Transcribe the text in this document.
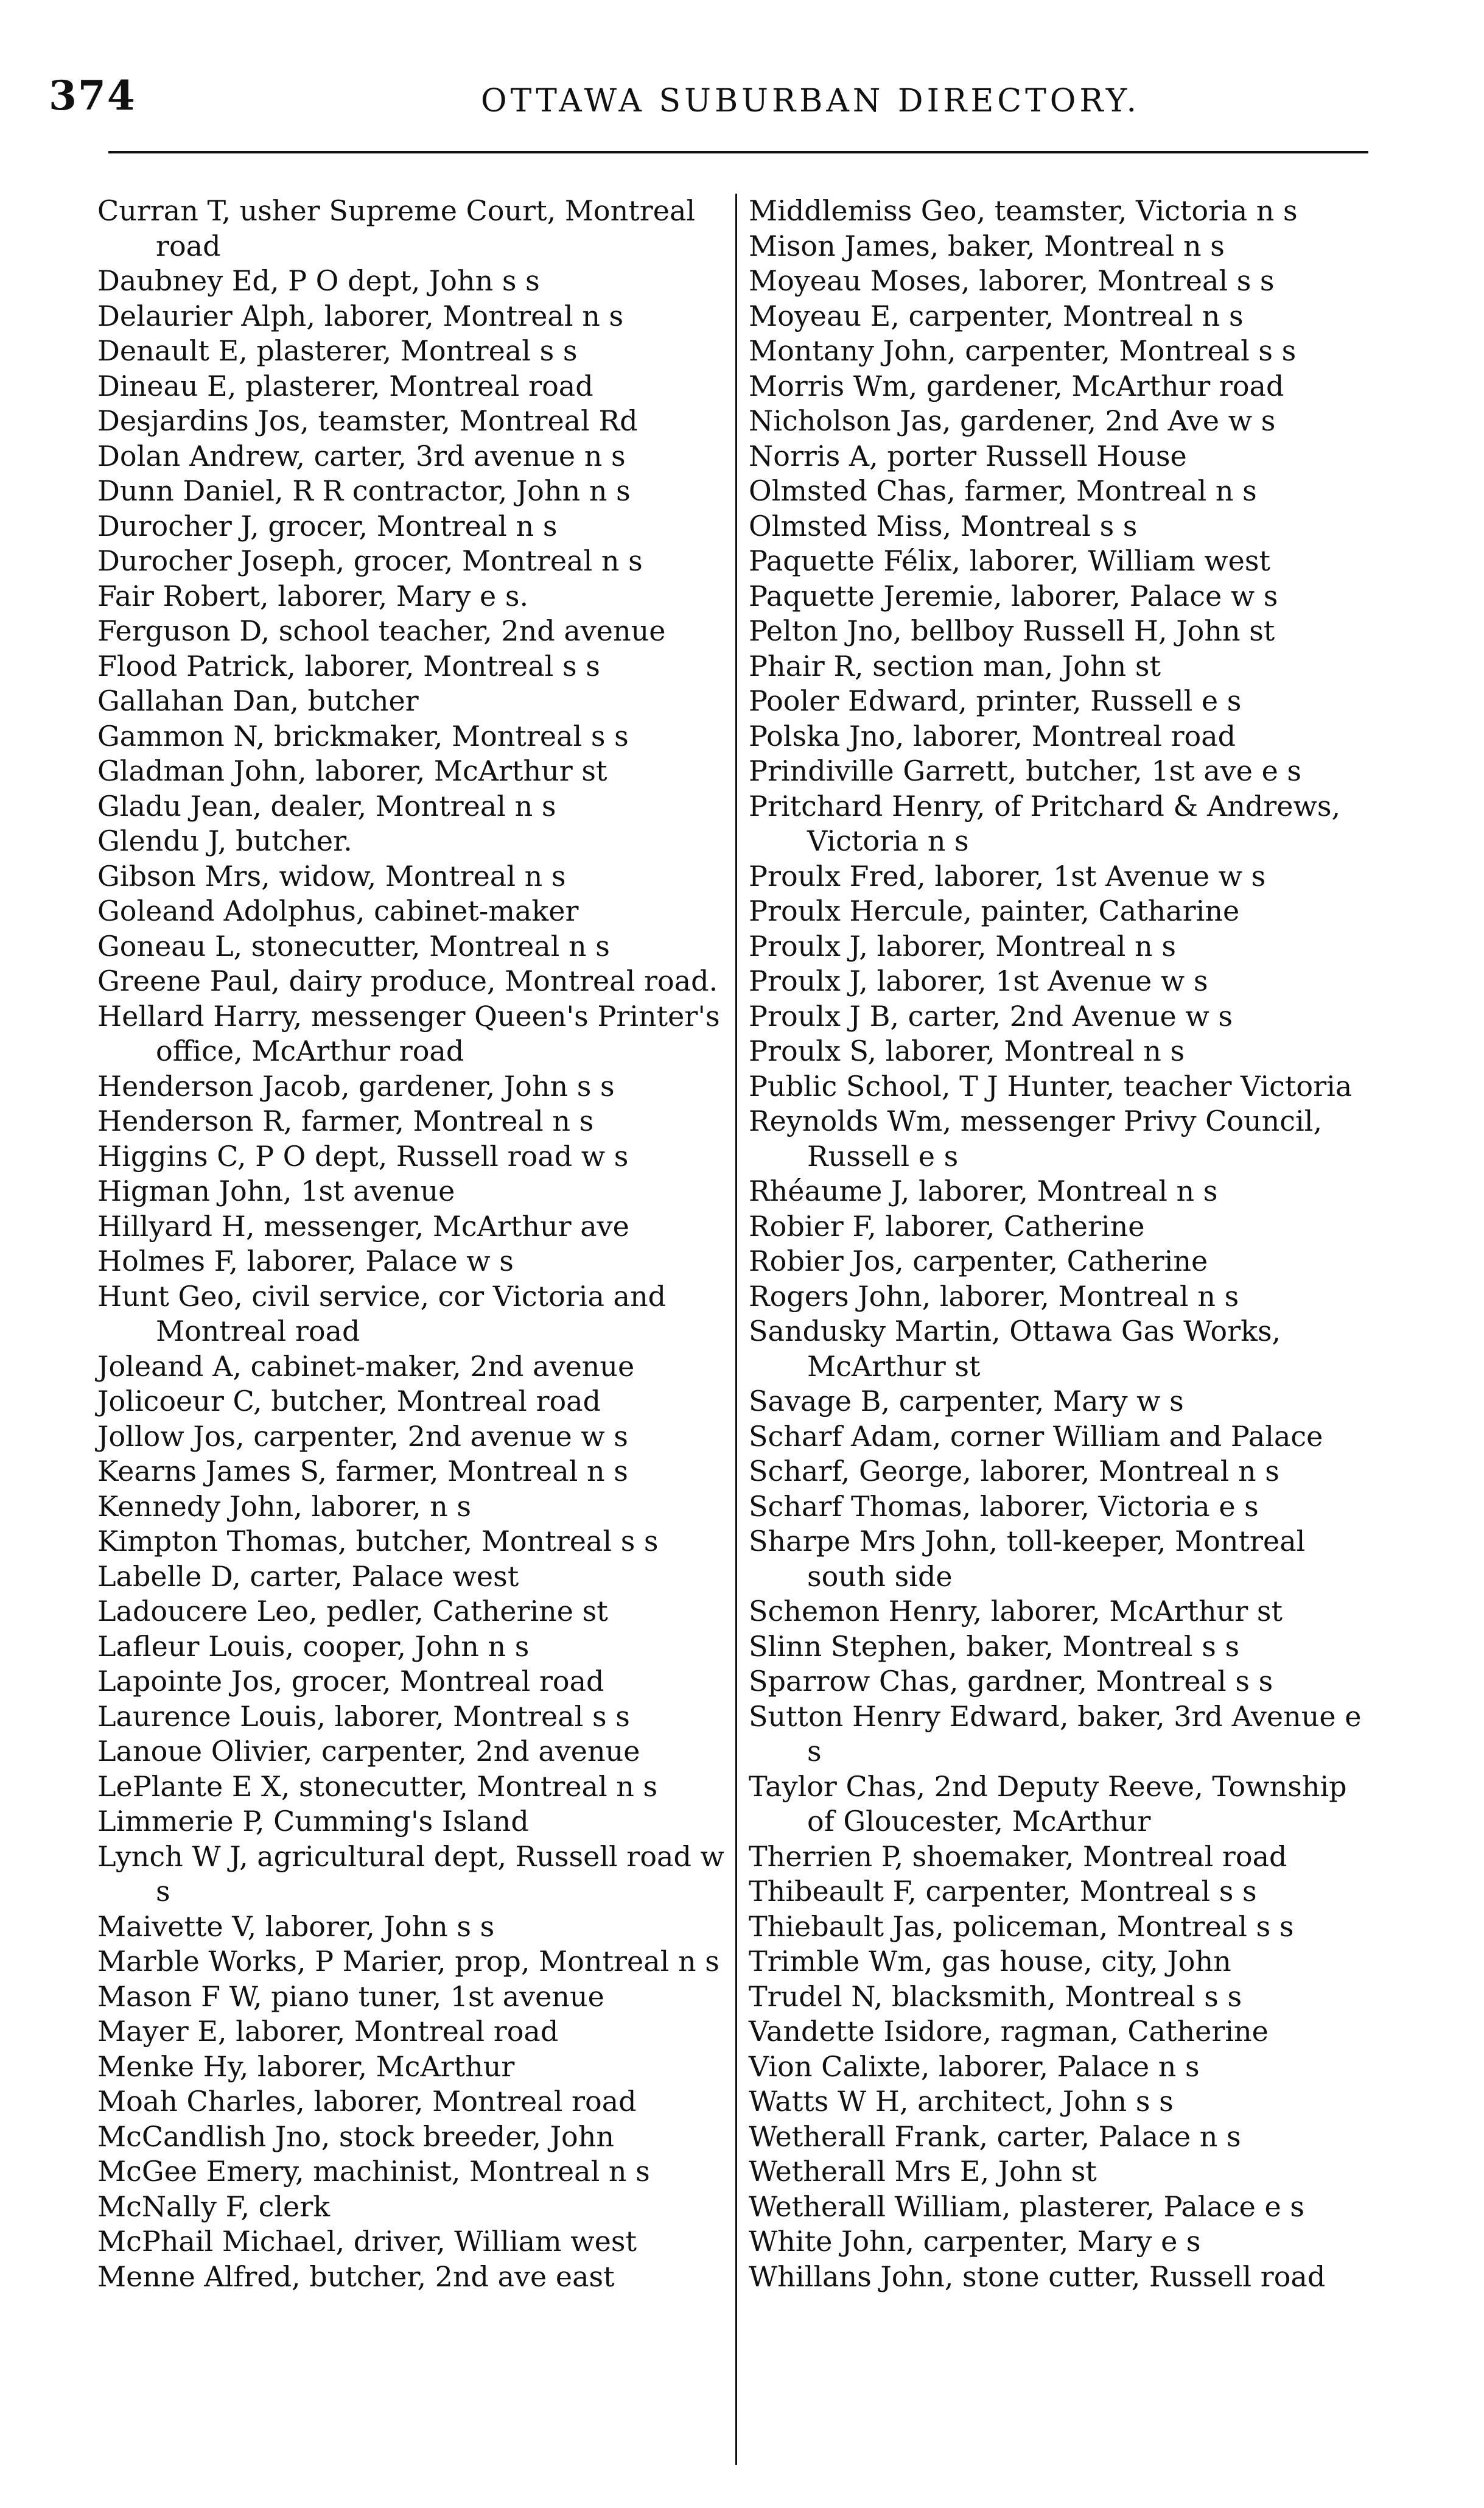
374	OTTAWA SUBURBAN DIRECTORY.
Curran T, usher Supreme Court, Montreal road
Daubney Ed, P O dept, John s s
Delaurier Alph, laborer, Montreal n s
Denault E, plasterer, Montreal s s
Dineau E, plasterer, Montreal road
Desjardins Jos, teamster, Montreal Rd
Dolan Andrew, carter, 3rd avenue n s
Dunn Daniel, R R contractor, John n s
Durocher J, grocer, Montreal n s
Durocher Joseph, grocer, Montreal n s
Fair Robert, laborer, Mary e s.
Ferguson D, school teacher, 2nd avenue
Flood Patrick, laborer, Montreal s s
Gallahan Dan, butcher
Gammon N, brickmaker, Montreal s s
Gladman John, laborer, McArthur st
Gladu Jean, dealer, Montreal n s
Glendu J, butcher.
Gibson Mrs, widow, Montreal n s
Goleand Adolphus, cabinet-maker
Goneau L, stonecutter, Montreal n s
Greene Paul, dairy produce, Montreal road.
Hellard Harry, messenger Queen's Printer's office, McArthur road
Henderson Jacob, gardener, John s s
Henderson R, farmer, Montreal n s
Higgins C, P O dept, Russell road w s
Higman John, 1st avenue
Hillyard H, messenger, McArthur ave
Holmes F, laborer, Palace w s
Hunt Geo, civil service, cor Victoria and Montreal road
Joleand A, cabinet-maker, 2nd avenue
Jolicoeur C, butcher, Montreal road
Jollow Jos, carpenter, 2nd avenue w s
Kearns James S, farmer, Montreal n s
Kennedy John, laborer, n s
Kimpton Thomas, butcher, Montreal s s
Labelle D, carter, Palace west
Ladoucere Leo, pedler, Catherine st
Lafleur Louis, cooper, John n s
Lapointe Jos, grocer, Montreal road
Laurence Louis, laborer, Montreal s s
Lanoue Olivier, carpenter, 2nd avenue
LePlante E X, stonecutter, Montreal n s
Limmerie P, Cumming's Island
Lynch W J, agricultural dept, Russell road w s
Maivette V, laborer, John s s
Marble Works, P Marier, prop, Montreal n s
Mason F W, piano tuner, 1st avenue
Mayer E, laborer, Montreal road
Menke Hy, laborer, McArthur
Moah Charles, laborer, Montreal road
McCandlish Jno, stock breeder, John
McGee Emery, machinist, Montreal n s
McNally F, clerk
McPhail Michael, driver, William west
Menne Alfred, butcher, 2nd ave east
Middlemiss Geo, teamster, Victoria n s
Mison James, baker, Montreal n s
Moyeau Moses, laborer, Montreal s s
Moyeau E, carpenter, Montreal n s
Montany John, carpenter, Montreal s s
Morris Wm, gardener, McArthur road
Nicholson Jas, gardener, 2nd Ave w s
Norris A, porter Russell House
Olmsted Chas, farmer, Montreal n s
Olmsted Miss, Montreal s s
Paquette Félix, laborer, William west
Paquette Jeremie, laborer, Palace w s
Pelton Jno, bellboy Russell H, John st
Phair R, section man, John st
Pooler Edward, printer, Russell e s
Polska Jno, laborer, Montreal road
Prindiville Garrett, butcher, 1st ave e s
Pritchard Henry, of Pritchard & Andrews, Victoria n s
Proulx Fred, laborer, 1st Avenue w s
Proulx Hercule, painter, Catharine
Proulx J, laborer, Montreal n s
Proulx J, laborer, 1st Avenue w s
Proulx J B, carter, 2nd Avenue w s
Proulx S, laborer, Montreal n s
Public School, T J Hunter, teacher Victoria
Reynolds Wm, messenger Privy Council, Russell e s
Rhéaume J, laborer, Montreal n s
Robier F, laborer, Catherine
Robier Jos, carpenter, Catherine
Rogers John, laborer, Montreal n s
Sandusky Martin, Ottawa Gas Works, McArthur st
Savage B, carpenter, Mary w s
Scharf Adam, corner William and Palace
Scharf, George, laborer, Montreal n s
Scharf Thomas, laborer, Victoria e s
Sharpe Mrs John, toll-keeper, Montreal south side
Schemon Henry, laborer, McArthur st
Slinn Stephen, baker, Montreal s s
Sparrow Chas, gardner, Montreal s s
Sutton Henry Edward, baker, 3rd Avenue e s
Taylor Chas, 2nd Deputy Reeve, Township of Gloucester, McArthur
Therrien P, shoemaker, Montreal road
Thibeault F, carpenter, Montreal s s
Thiebault Jas, policeman, Montreal s s
Trimble Wm, gas house, city, John
Trudel N, blacksmith, Montreal s s
Vandette Isidore, ragman, Catherine
Vion Calixte, laborer, Palace n s
Watts W H, architect, John s s
Wetherall Frank, carter, Palace n s
Wetherall Mrs E, John st
Wetherall William, plasterer, Palace e s
White John, carpenter, Mary e s
Whillans John, stone cutter, Russell road
